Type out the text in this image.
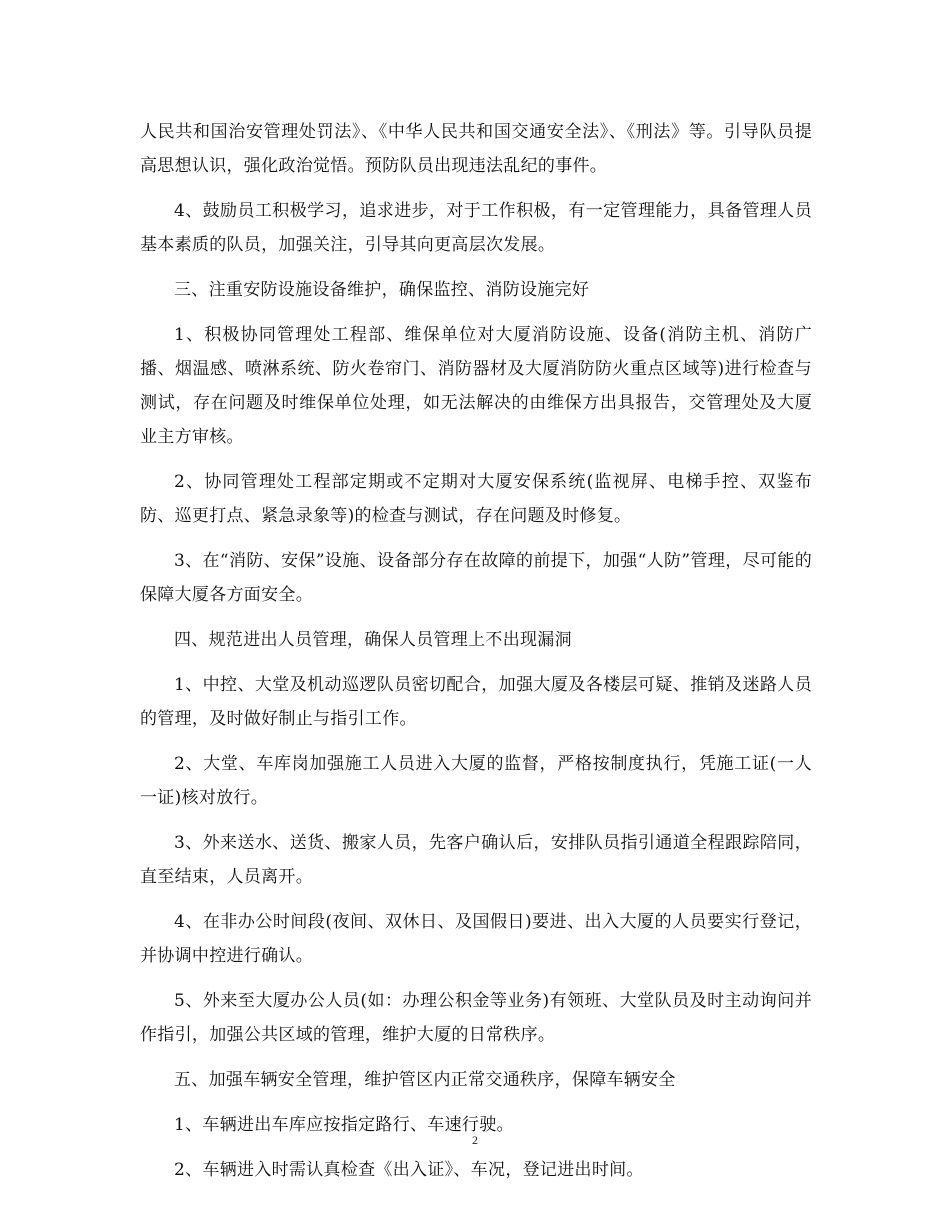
人民共和国治安管理处罚法》、《中华人民共和国交通安全法》、《刑法》等。引导队员提高思想认识，强化政治觉悟。预防队员出现违法乱纪的事件。

4、鼓励员工积极学习，追求进步，对于工作积极，有一定管理能力，具备管理人员基本素质的队员，加强关注，引导其向更高层次发展。

三、注重安防设施设备维护，确保监控、消防设施完好

1、积极协同管理处工程部、维保单位对大厦消防设施、设备(消防主机、消防广播、烟温感、喷淋系统、防火卷帘门、消防器材及大厦消防防火重点区域等)进行检查与测试，存在问题及时维保单位处理，如无法解决的由维保方出具报告，交管理处及大厦业主方审核。

2、协同管理处工程部定期或不定期对大厦安保系统(监视屏、电梯手控、双鉴布防、巡更打点、紧急录象等)的检查与测试，存在问题及时修复。

3、在“消防、安保”设施、设备部分存在故障的前提下，加强“人防”管理，尽可能的保障大厦各方面安全。

四、规范进出人员管理，确保人员管理上不出现漏洞

1、中控、大堂及机动巡逻队员密切配合，加强大厦及各楼层可疑、推销及迷路人员的管理，及时做好制止与指引工作。

2、大堂、车库岗加强施工人员进入大厦的监督，严格按制度执行，凭施工证(一人一证)核对放行。

3、外来送水、送货、搬家人员，先客户确认后，安排队员指引通道全程跟踪陪同，直至结束，人员离开。

4、在非办公时间段(夜间、双休日、及国假日)要进、出入大厦的人员要实行登记，并协调中控进行确认。

5、外来至大厦办公人员(如：办理公积金等业务)有领班、大堂队员及时主动询问并作指引，加强公共区域的管理，维护大厦的日常秩序。

五、加强车辆安全管理，维护管区内正常交通秩序，保障车辆安全

1、车辆进出车库应按指定路行、车速行驶。

2、车辆进入时需认真检查《出入证》、车况，登记进出时间。

2
